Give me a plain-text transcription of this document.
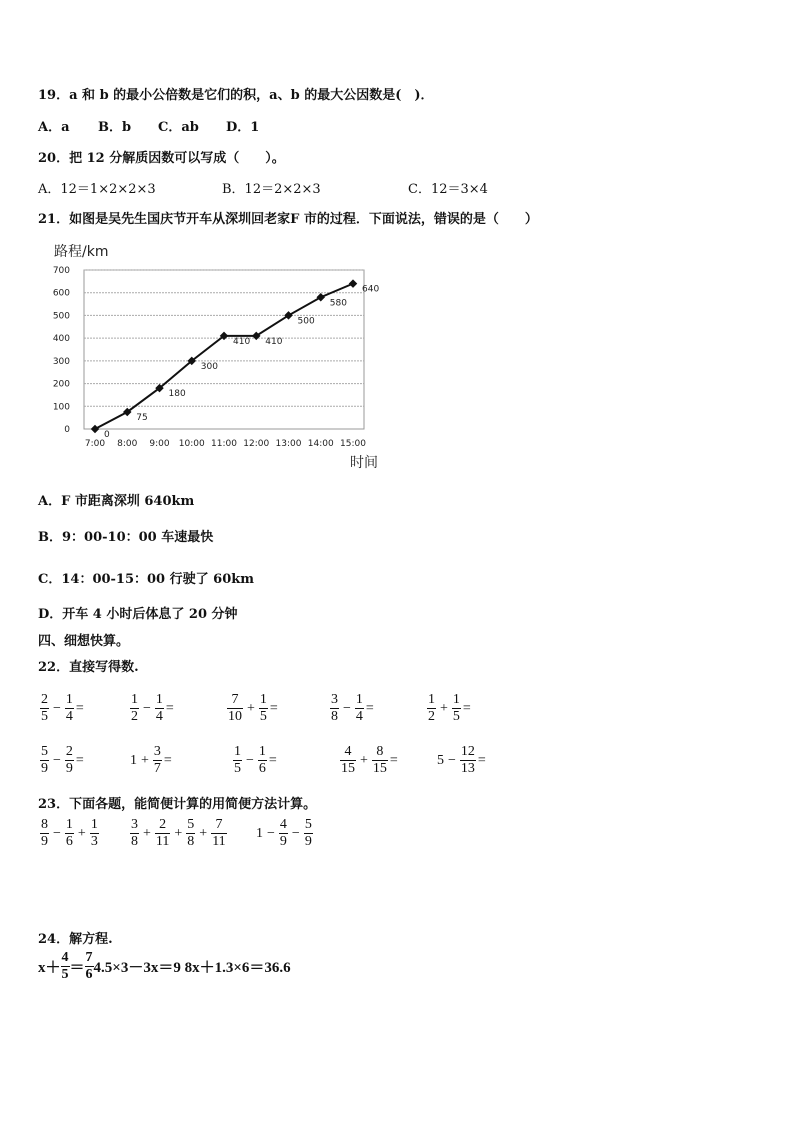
19．a 和 b 的最小公倍数是它们的积，a、b 的最大公因数是(　)．
A．a B．b C．ab D．1
20．把 12 分解质因数可以写成（　　）。
A．12＝1×2×2×3	B．12＝2×2×3	C．12＝3×4
21．如图是吴先生国庆节开车从深圳回老家F 市的过程．下面说法，错误的是（　　）
路程/km
时间
0
100
200
300
400
500
600
700
7:00 8:00 9:00 10:00 11:00 12:00 13:00 14:00 15:00
0
75
180
300
410 410
500
580
640
A．F 市距离深圳 640km
B．9：00-10：00 车速最快
C．14：00-15：00 行驶了 60km
D．开车 4 小时后体息了 20 分钟
四、细想快算。
22．直接写得数.
$\frac{2}{5} - \frac{1}{4}$ =	$\frac{1}{2} - \frac{1}{4}$ =	$\frac{7}{10} + \frac{1}{5}$ =	$\frac{3}{8} - \frac{1}{4}$ =	$\frac{1}{2} + \frac{1}{5}$ =
$\frac{5}{9} - \frac{2}{9}$ =	$1 + \frac{3}{7}$ =	$\frac{1}{5} - \frac{1}{6}$ =	$\frac{4}{15} + \frac{8}{15}$ =	$5 - \frac{12}{13}$ =
23．下面各题，能简便计算的用简便方法计算。
$\frac{8}{9} - \frac{1}{6} + \frac{1}{3} \frac{3}{8} + \frac{2}{11} + \frac{5}{8} + \frac{7}{11} 1 - \frac{4}{9} - \frac{5}{9}$
24．解方程.
$x+ \frac{4}{5} = \frac{7}{6} 4.5\times 3-3x=9$ 8x＋1.3×6＝36.6
